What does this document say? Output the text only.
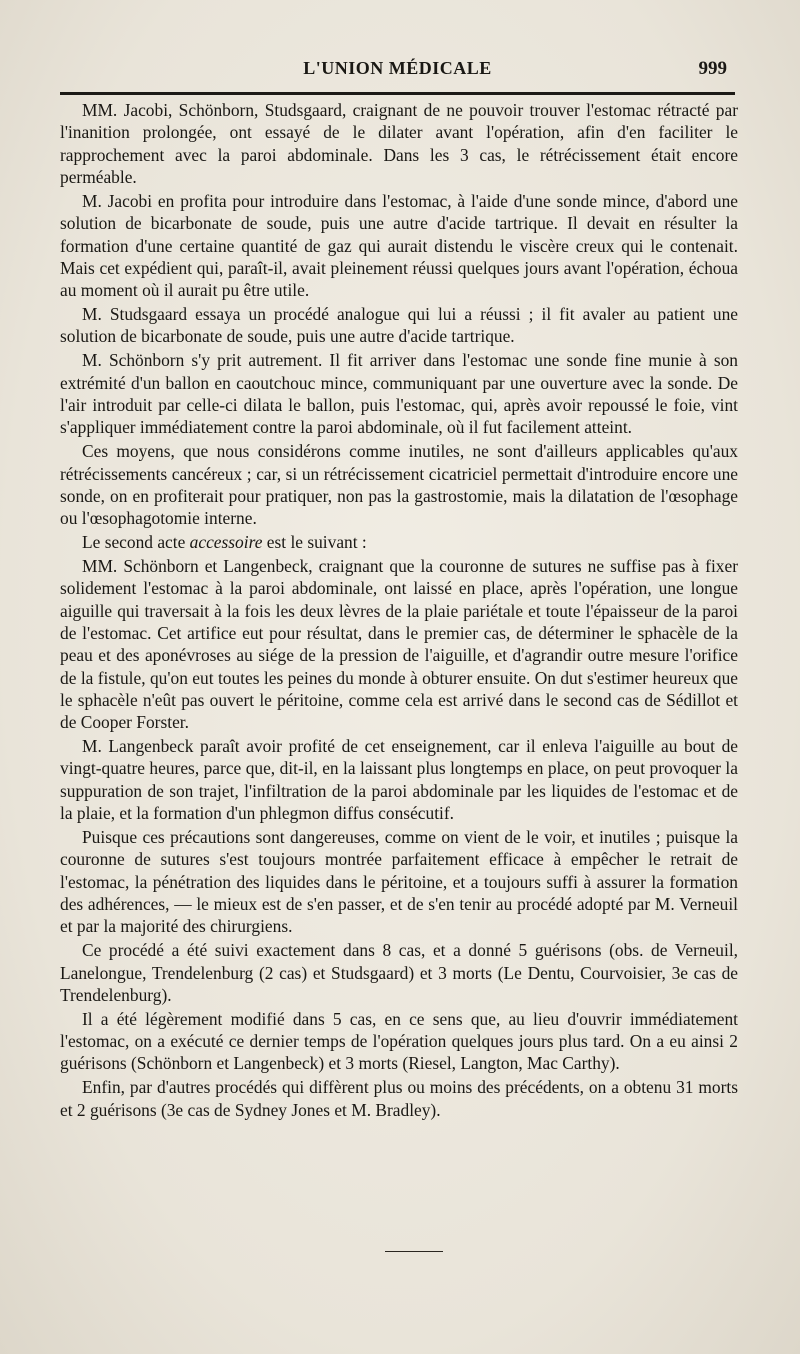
L'UNION MÉDICALE	999

MM. Jacobi, Schönborn, Studsgaard, craignant de ne pouvoir trouver l'estomac rétracté par l'inanition prolongée, ont essayé de le dilater avant l'opération, afin d'en faciliter le rapprochement avec la paroi abdominale. Dans les 3 cas, le rétrécissement était encore perméable.

M. Jacobi en profita pour introduire dans l'estomac, à l'aide d'une sonde mince, d'abord une solution de bicarbonate de soude, puis une autre d'acide tartrique. Il devait en résulter la formation d'une certaine quantité de gaz qui aurait distendu le viscère creux qui le contenait. Mais cet expédient qui, paraît-il, avait pleinement réussi quelques jours avant l'opération, échoua au moment où il aurait pu être utile.

M. Studsgaard essaya un procédé analogue qui lui a réussi ; il fit avaler au patient une solution de bicarbonate de soude, puis une autre d'acide tartrique.

M. Schönborn s'y prit autrement. Il fit arriver dans l'estomac une sonde fine munie à son extrémité d'un ballon en caoutchouc mince, communiquant par une ouverture avec la sonde. De l'air introduit par celle-ci dilata le ballon, puis l'estomac, qui, après avoir repoussé le foie, vint s'appliquer immédiatement contre la paroi abdominale, où il fut facilement atteint.

Ces moyens, que nous considérons comme inutiles, ne sont d'ailleurs applicables qu'aux rétrécissements cancéreux ; car, si un rétrécissement cicatriciel permettait d'introduire encore une sonde, on en profiterait pour pratiquer, non pas la gastrostomie, mais la dilatation de l'œsophage ou l'œsophagotomie interne.

Le second acte accessoire est le suivant :

MM. Schönborn et Langenbeck, craignant que la couronne de sutures ne suffise pas à fixer solidement l'estomac à la paroi abdominale, ont laissé en place, après l'opération, une longue aiguille qui traversait à la fois les deux lèvres de la plaie pariétale et toute l'épaisseur de la paroi de l'estomac. Cet artifice eut pour résultat, dans le premier cas, de déterminer le sphacèle de la peau et des aponévroses au siége de la pression de l'aiguille, et d'agrandir outre mesure l'orifice de la fistule, qu'on eut toutes les peines du monde à obturer ensuite. On dut s'estimer heureux que le sphacèle n'eût pas ouvert le péritoine, comme cela est arrivé dans le second cas de Sédillot et de Cooper Forster.

M. Langenbeck paraît avoir profité de cet enseignement, car il enleva l'aiguille au bout de vingt-quatre heures, parce que, dit-il, en la laissant plus longtemps en place, on peut provoquer la suppuration de son trajet, l'infiltration de la paroi abdominale par les liquides de l'estomac et de la plaie, et la formation d'un phlegmon diffus consécutif.

Puisque ces précautions sont dangereuses, comme on vient de le voir, et inutiles ; puisque la couronne de sutures s'est toujours montrée parfaitement efficace à empêcher le retrait de l'estomac, la pénétration des liquides dans le péritoine, et a toujours suffi à assurer la formation des adhérences, — le mieux est de s'en passer, et de s'en tenir au procédé adopté par M. Verneuil et par la majorité des chirurgiens.

Ce procédé a été suivi exactement dans 8 cas, et a donné 5 guérisons (obs. de Verneuil, Lanelongue, Trendelenburg (2 cas) et Studsgaard) et 3 morts (Le Dentu, Courvoisier, 3e cas de Trendelenburg).

Il a été légèrement modifié dans 5 cas, en ce sens que, au lieu d'ouvrir immédiatement l'estomac, on a exécuté ce dernier temps de l'opération quelques jours plus tard. On a eu ainsi 2 guérisons (Schönborn et Langenbeck) et 3 morts (Riesel, Langton, Mac Carthy).

Enfin, par d'autres procédés qui diffèrent plus ou moins des précédents, on a obtenu 31 morts et 2 guérisons (3e cas de Sydney Jones et M. Bradley).
